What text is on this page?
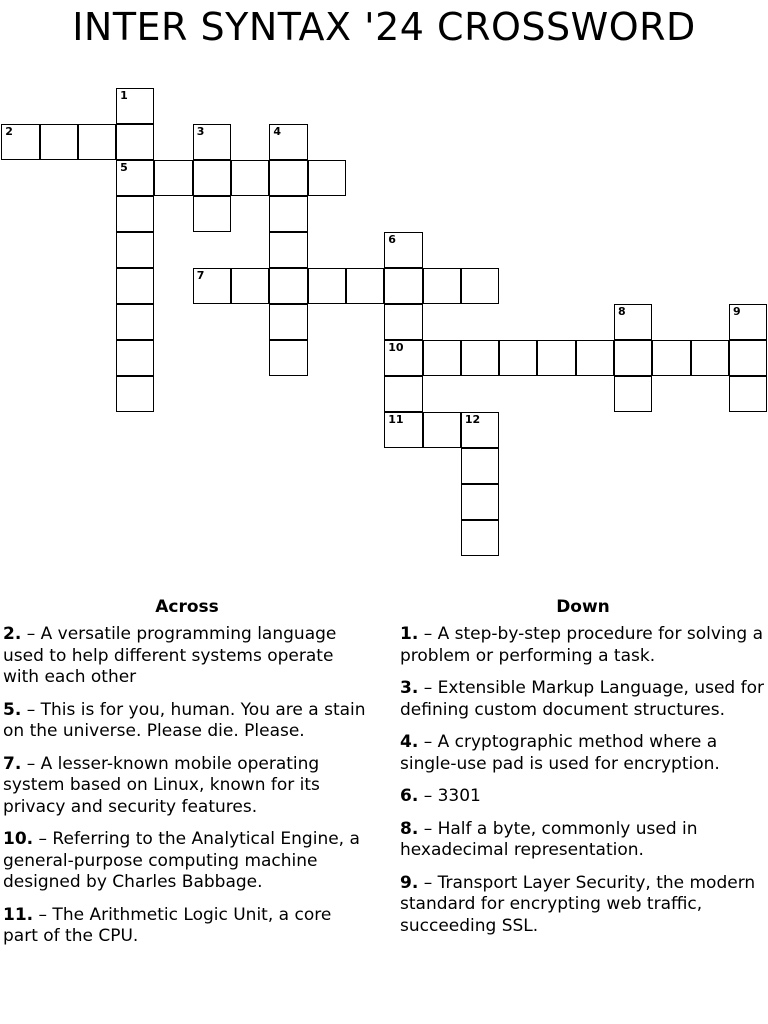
INTER SYNTAX '24 CROSSWORD
1
2	3	4
5
6
7
8	9
10
11	12
Across
2. – A versatile programming language used to help different systems operate with each other
5. – This is for you, human. You are a stain on the universe. Please die. Please.
7. – A lesser-known mobile operating system based on Linux, known for its privacy and security features.
10. – Referring to the Analytical Engine, a general-purpose computing machine designed by Charles Babbage.
11. – The Arithmetic Logic Unit, a core part of the CPU.
Down
1. – A step-by-step procedure for solving a problem or performing a task.
3. – Extensible Markup Language, used for defining custom document structures.
4. – A cryptographic method where a single-use pad is used for encryption.
6. – 3301
8. – Half a byte, commonly used in hexadecimal representation.
9. – Transport Layer Security, the modern standard for encrypting web traffic, succeeding SSL.
